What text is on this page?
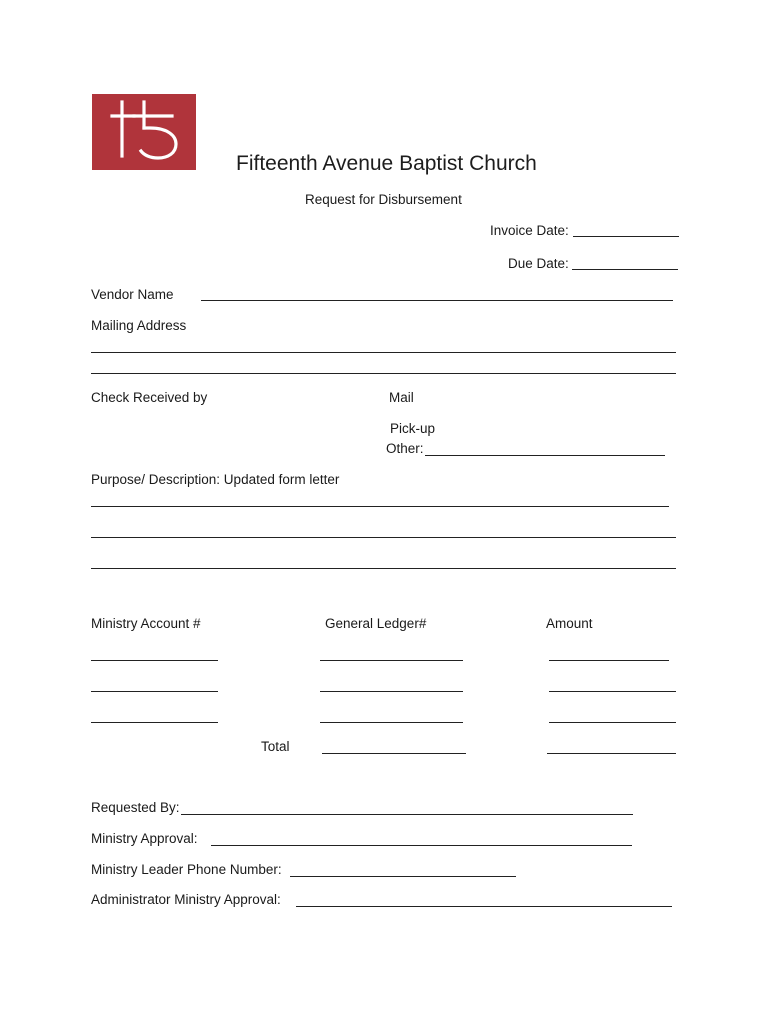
Fifteenth Avenue Baptist Church
Request for Disbursement
Invoice Date:
Due Date:
Vendor Name
Mailing Address
Check Received by	Mail
Pick-up
Other:
Purpose/ Description: Updated form letter
Ministry Account #	General Ledger#	Amount
Total
Requested By:
Ministry Approval:
Ministry Leader Phone Number:
Administrator Ministry Approval:
